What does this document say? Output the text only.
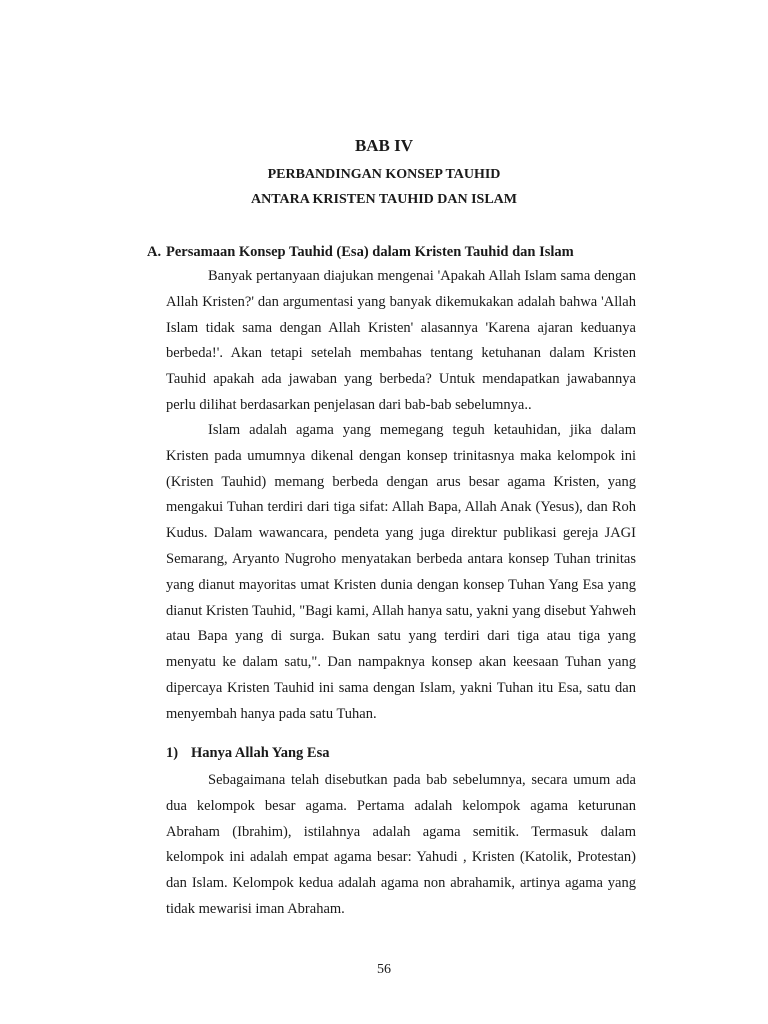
BAB IV
PERBANDINGAN KONSEP TAUHID
ANTARA KRISTEN TAUHID DAN ISLAM
A. Persamaan Konsep Tauhid (Esa) dalam Kristen Tauhid dan Islam

Banyak pertanyaan diajukan mengenai 'Apakah Allah Islam sama dengan Allah Kristen?' dan argumentasi yang banyak dikemukakan adalah bahwa 'Allah Islam tidak sama dengan Allah Kristen' alasannya 'Karena ajaran keduanya berbeda!'. Akan tetapi setelah membahas tentang ketuhanan dalam Kristen Tauhid apakah ada jawaban yang berbeda? Untuk mendapatkan jawabannya perlu dilihat berdasarkan penjelasan dari bab-bab sebelumnya..

Islam adalah agama yang memegang teguh ketauhidan, jika dalam Kristen pada umumnya dikenal dengan konsep trinitasnya maka kelompok ini (Kristen Tauhid) memang berbeda dengan arus besar agama Kristen, yang mengakui Tuhan terdiri dari tiga sifat: Allah Bapa, Allah Anak (Yesus), dan Roh Kudus. Dalam wawancara, pendeta yang juga direktur publikasi gereja JAGI Semarang, Aryanto Nugroho menyatakan berbeda antara konsep Tuhan trinitas yang dianut mayoritas umat Kristen dunia dengan konsep Tuhan Yang Esa yang dianut Kristen Tauhid, "Bagi kami, Allah hanya satu, yakni yang disebut Yahweh atau Bapa yang di surga. Bukan satu yang terdiri dari tiga atau tiga yang menyatu ke dalam satu,". Dan nampaknya konsep akan keesaan Tuhan yang dipercaya Kristen Tauhid ini sama dengan Islam, yakni Tuhan itu Esa, satu dan menyembah hanya pada satu Tuhan.

1) Hanya Allah Yang Esa

Sebagaimana telah disebutkan pada bab sebelumnya, secara umum ada dua kelompok besar agama. Pertama adalah kelompok agama keturunan Abraham (Ibrahim), istilahnya adalah agama semitik. Termasuk dalam kelompok ini adalah empat agama besar: Yahudi , Kristen (Katolik, Protestan) dan Islam. Kelompok kedua adalah agama non abrahamik, artinya agama yang tidak mewarisi iman Abraham.

56
